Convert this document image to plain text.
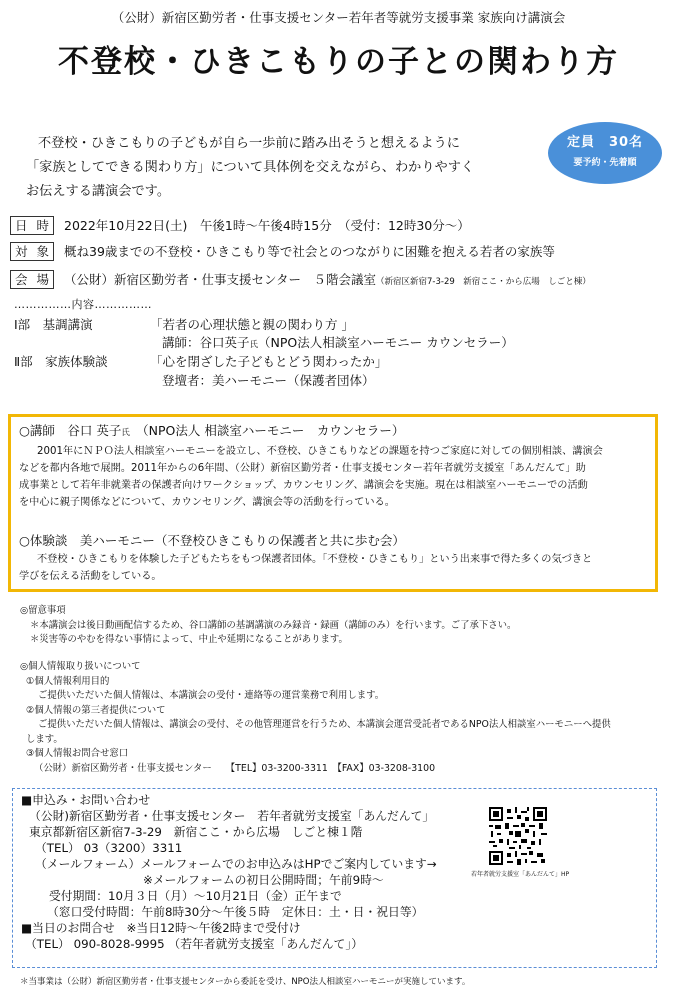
（公財）新宿区勤労者・仕事支援センター若年者等就労支援事業 家族向け講演会
不登校・ひきこもりの子との関わり方
不登校・ひきこもりの子どもが自ら一歩前に踏み出そうと想えるように
「家族としてできる関わり方」について具体例を交えながら、わかりやすく
お伝えする講演会です。
定員　30名
要予約・先着順
日時 2022年10月22日(土)　午後1時～午後4時15分　（受付：12時30分～）
対象 概ね39歳までの不登校・ひきこもり等で社会とのつながりに困難を抱える若者の家族等
会場 （公財）新宿区勤労者・仕事支援センター　５階会議室（新宿区新宿7-3-29　新宿ここ・から広場　しごと棟）
……………内容……………
Ⅰ部　基調講演	「若者の心理状態と親の関わり方 」
講師：谷口英子氏（NPO法人相談室ハーモニー カウンセラー）
Ⅱ部　家族体験談	「心を閉ざした子どもとどう関わったか」
登壇者：美ハーモニー（保護者団体）
○講師　谷口 英子氏　 （NPO法人 相談室ハーモニー　カウンセラー）
2001年にＮＰＯ法人相談室ハーモニーを設立し、不登校、ひきこもりなどの課題を持つご家庭に対しての個別相談、講演会
などを都内各地で展開。2011年からの6年間、（公財）新宿区勤労者・仕事支援センター若年者就労支援室「あんだんて」助
成事業として若年非就業者の保護者向けワークショップ、カウンセリング、講演会を実施。現在は相談室ハーモニーでの活動
を中心に親子関係などについて、カウンセリング、講演会等の活動を行っている。
○体験談　美ハーモニー（不登校ひきこもりの保護者と共に歩む会）
不登校・ひきこもりを体験した子どもたちをもつ保護者団体。「不登校・ひきこもり」という出来事で得た多くの気づきと
学びを伝える活動をしている。
◎留意事項
＊本講演会は後日動画配信するため、谷口講師の基調講演のみ録音・録画（講師のみ）を行います。ご了承下さい。
＊災害等のやむを得ない事情によって、中止や延期になることがあります。
◎個人情報取り扱いについて
①個人情報利用目的
ご提供いただいた個人情報は、本講演会の受付・連絡等の運営業務で利用します。
②個人情報の第三者提供について
ご提供いただいた個人情報は、講演会の受付、その他管理運営を行うため、本講演会運営受託者であるNPO法人相談室ハーモニーへ提供
します。
③個人情報お問合せ窓口
（公財）新宿区勤労者・仕事支援センター　　【TEL】03-3200-3311　【FAX】03-3208-3100
■申込み・お問い合わせ
（公財)新宿区勤労者・仕事支援センター　若年者就労支援室「あんだんて」
東京都新宿区新宿7-3-29　新宿ここ・から広場　しごと棟１階
（TEL） 03（3200）3311
（メールフォーム）メールフォームでのお申込みはHPでご案内しています→
※メールフォームの初日公開時間；午前9時～
受付期間：10月３日（月）～10月21日（金）正午まで
（窓口受付時間：午前8時30分～午後５時　定休日：土・日・祝日等）
■当日のお問合せ　※当日12時～午後2時まで受付け
（TEL） 090-8028-9995 （若年者就労支援室「あんだんて」）
若年者就労支援室「あんだんて」HP
＊当事業は（公財）新宿区勤労者・仕事支援センターから委託を受け、NPO法人相談室ハーモニーが実施しています。
